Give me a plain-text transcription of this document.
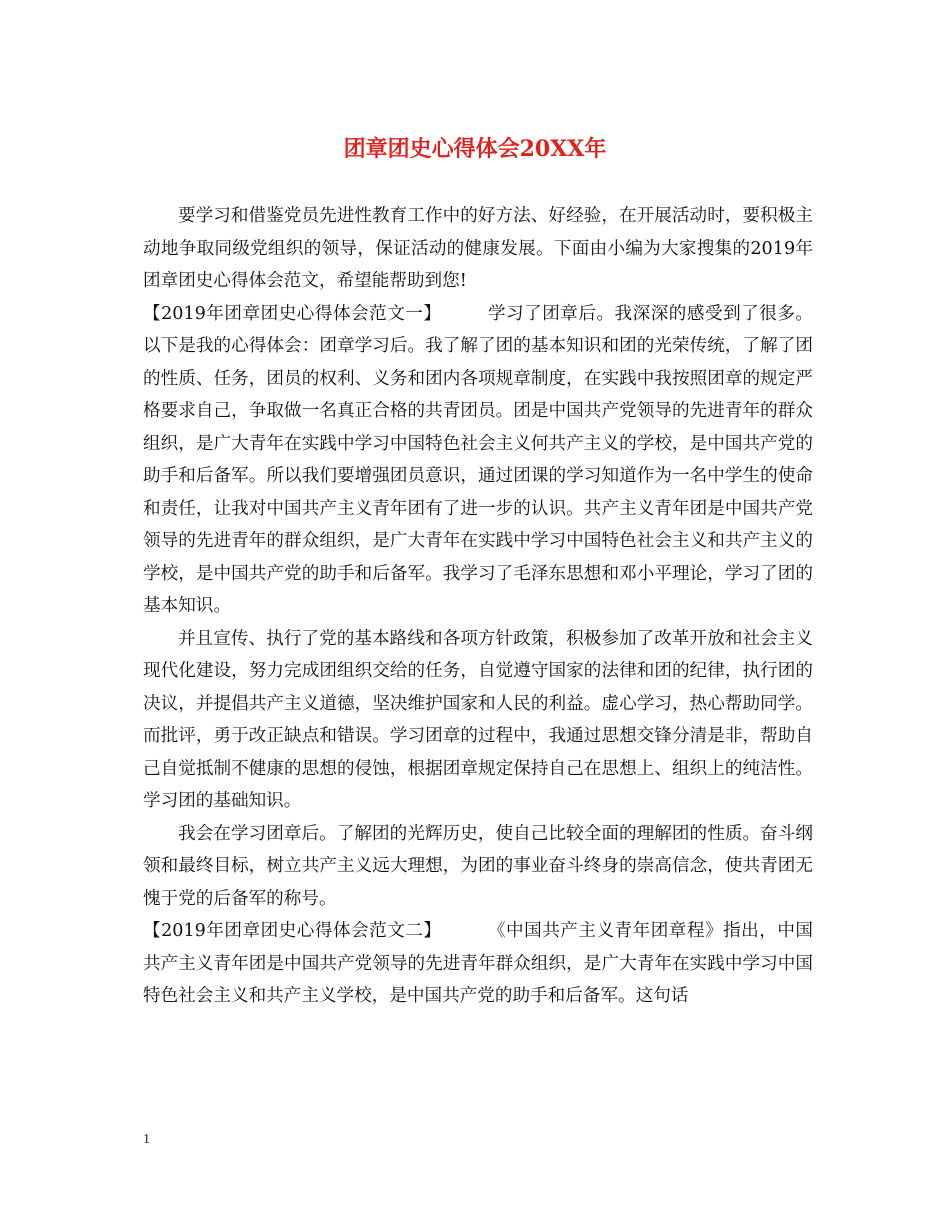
团章团史心得体会20XX年

要学习和借鉴党员先进性教育工作中的好方法、好经验，在开展活动时，要积极主动地争取同级党组织的领导，保证活动的健康发展。下面由小编为大家搜集的2019年团章团史心得体会范文，希望能帮助到您!

【2019年团章团史心得体会范文一】	学习了团章后。我深深的感受到了很多。以下是我的心得体会：团章学习后。我了解了团的基本知识和团的光荣传统，了解了团的性质、任务，团员的权利、义务和团内各项规章制度，在实践中我按照团章的规定严格要求自己，争取做一名真正合格的共青团员。团是中国共产党领导的先进青年的群众组织，是广大青年在实践中学习中国特色社会主义何共产主义的学校，是中国共产党的助手和后备军。所以我们要增强团员意识，通过团课的学习知道作为一名中学生的使命和责任，让我对中国共产主义青年团有了进一步的认识。共产主义青年团是中国共产党领导的先进青年的群众组织，是广大青年在实践中学习中国特色社会主义和共产主义的学校，是中国共产党的助手和后备军。我学习了毛泽东思想和邓小平理论，学习了团的基本知识。

并且宣传、执行了党的基本路线和各项方针政策，积极参加了改革开放和社会主义现代化建设，努力完成团组织交给的任务，自觉遵守国家的法律和团的纪律，执行团的决议，并提倡共产主义道德，坚决维护国家和人民的利益。虚心学习，热心帮助同学。而批评，勇于改正缺点和错误。学习团章的过程中，我通过思想交锋分清是非，帮助自己自觉抵制不健康的思想的侵蚀，根据团章规定保持自己在思想上、组织上的纯洁性。学习团的基础知识。

我会在学习团章后。了解团的光辉历史，使自己比较全面的理解团的性质。奋斗纲领和最终目标，树立共产主义远大理想，为团的事业奋斗终身的崇高信念，使共青团无愧于党的后备军的称号。

【2019年团章团史心得体会范文二】	《中国共产主义青年团章程》指出，中国共产主义青年团是中国共产党领导的先进青年群众组织，是广大青年在实践中学习中国特色社会主义和共产主义学校，是中国共产党的助手和后备军。这句话

1
